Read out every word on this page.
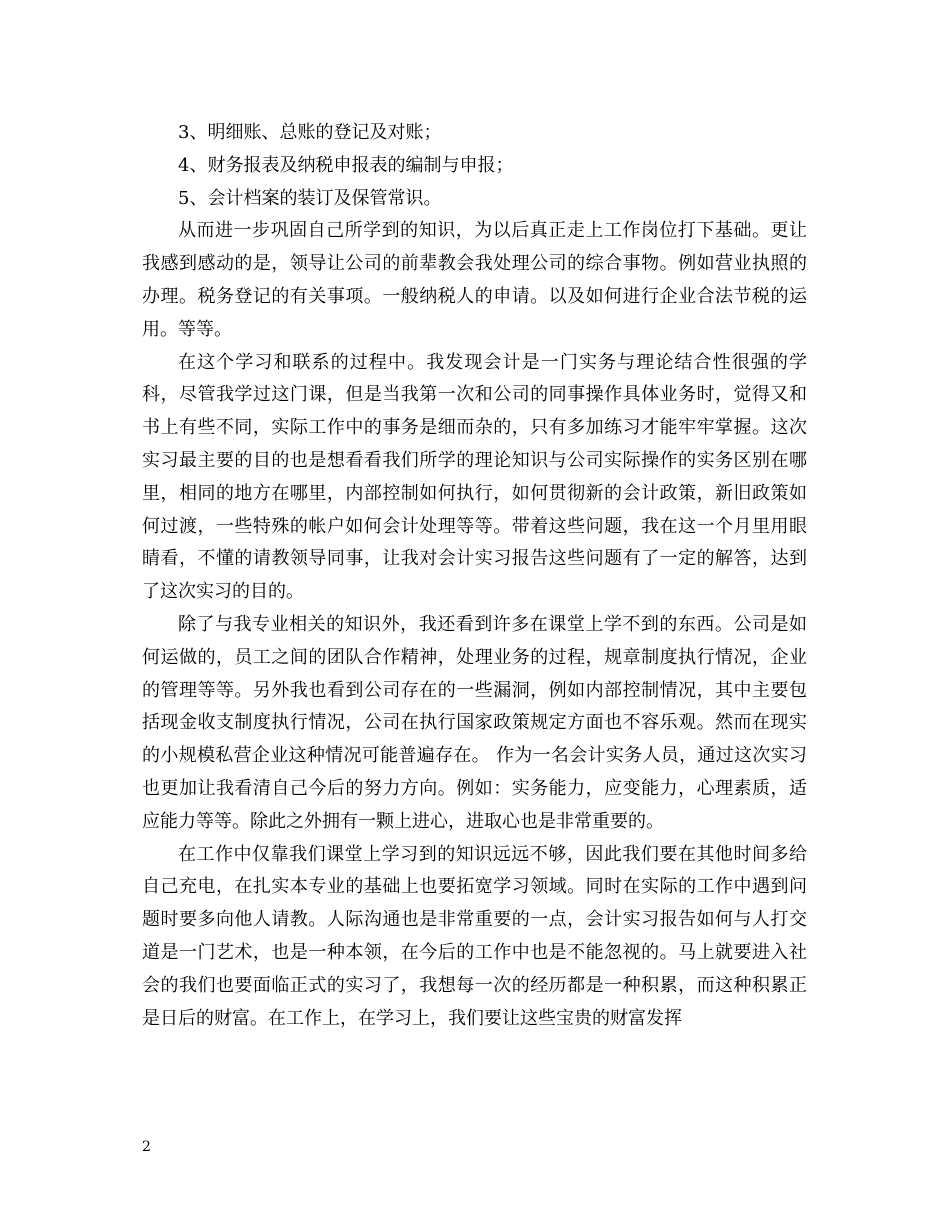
3、明细账、总账的登记及对账；

4、财务报表及纳税申报表的编制与申报；

5、会计档案的装订及保管常识。

从而进一步巩固自己所学到的知识，为以后真正走上工作岗位打下基础。更让我感到感动的是，领导让公司的前辈教会我处理公司的综合事物。例如营业执照的办理。税务登记的有关事项。一般纳税人的申请。以及如何进行企业合法节税的运用。等等。

在这个学习和联系的过程中。我发现会计是一门实务与理论结合性很强的学科，尽管我学过这门课，但是当我第一次和公司的同事操作具体业务时，觉得又和书上有些不同，实际工作中的事务是细而杂的，只有多加练习才能牢牢掌握。这次实习最主要的目的也是想看看我们所学的理论知识与公司实际操作的实务区别在哪里，相同的地方在哪里，内部控制如何执行，如何贯彻新的会计政策，新旧政策如何过渡，一些特殊的帐户如何会计处理等等。带着这些问题，我在这一个月里用眼睛看，不懂的请教领导同事，让我对会计实习报告这些问题有了一定的解答，达到了这次实习的目的。

除了与我专业相关的知识外，我还看到许多在课堂上学不到的东西。公司是如何运做的，员工之间的团队合作精神，处理业务的过程，规章制度执行情况，企业的管理等等。另外我也看到公司存在的一些漏洞，例如内部控制情况，其中主要包括现金收支制度执行情况，公司在执行国家政策规定方面也不容乐观。然而在现实的小规模私营企业这种情况可能普遍存在。 作为一名会计实务人员，通过这次实习也更加让我看清自己今后的努力方向。例如：实务能力，应变能力，心理素质，适应能力等等。除此之外拥有一颗上进心，进取心也是非常重要的。

在工作中仅靠我们课堂上学习到的知识远远不够，因此我们要在其他时间多给自己充电，在扎实本专业的基础上也要拓宽学习领域。同时在实际的工作中遇到问题时要多向他人请教。人际沟通也是非常重要的一点，会计实习报告如何与人打交道是一门艺术，也是一种本领，在今后的工作中也是不能忽视的。马上就要进入社会的我们也要面临正式的实习了，我想每一次的经历都是一种积累，而这种积累正是日后的财富。在工作上，在学习上，我们要让这些宝贵的财富发挥

2
